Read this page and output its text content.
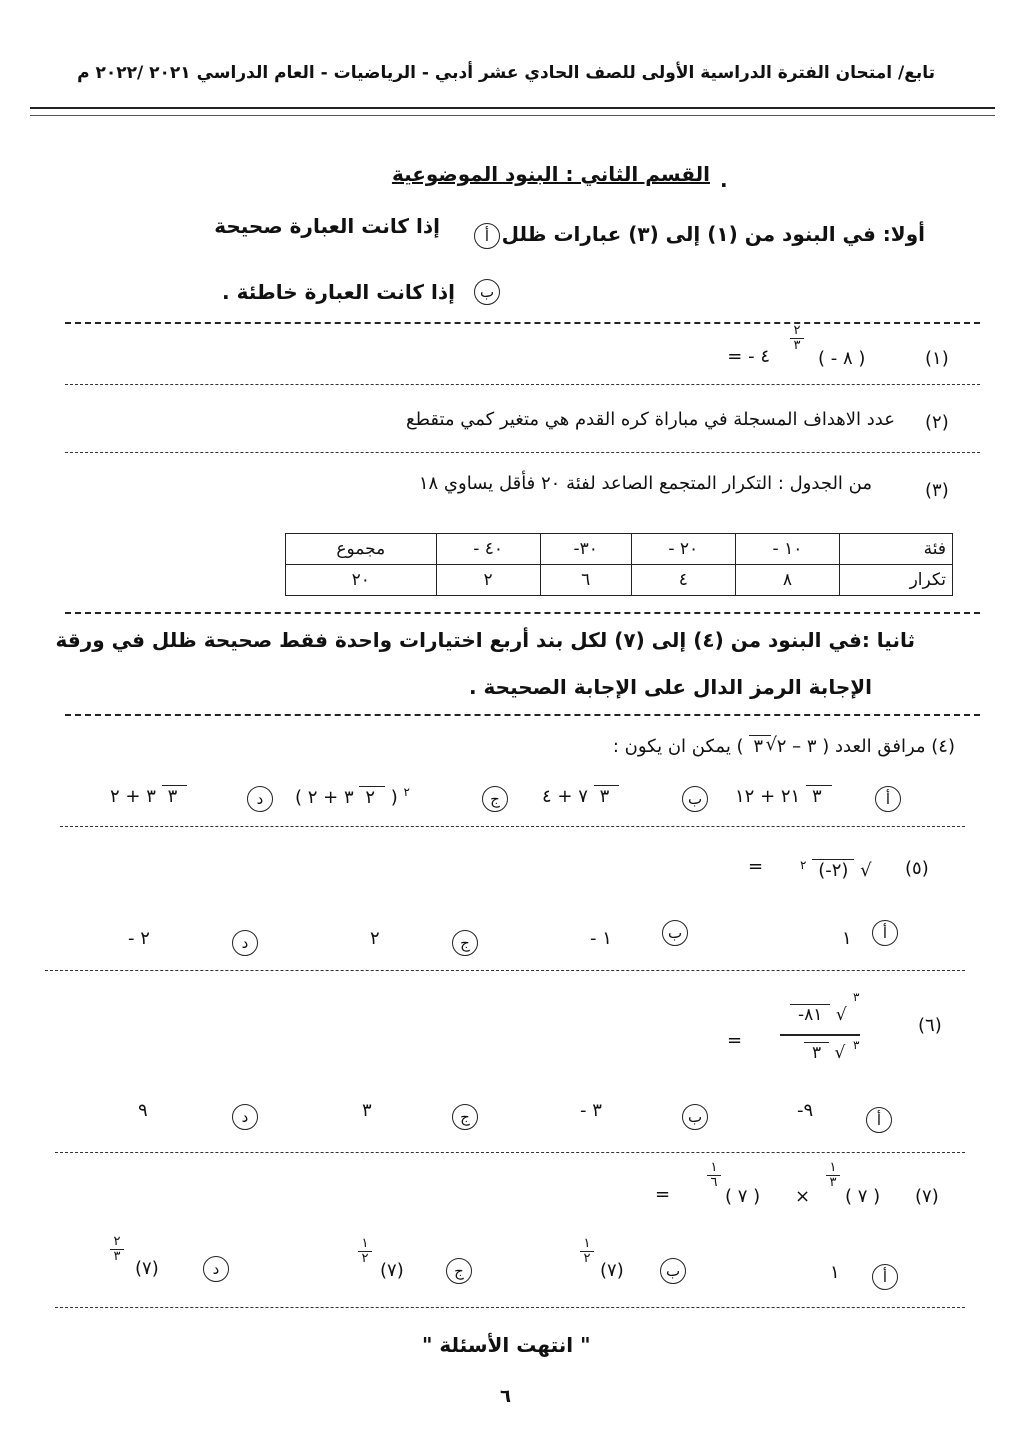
تابع/ امتحان الفترة الدراسية الأولى للصف الحادي عشر أدبي - الرياضيات - العام الدراسي ٢٠٢١ /٢٠٢٢ م
القسم الثاني : البنود الموضوعية .
أولا: في البنود من (١) إلى (٣) عبارات ظلل
أ
إذا كانت العبارة صحيحة
ب
إذا كانت العبارة خاطئة .
(١)
( - ٨ )
٢
٣
= - ٤
(٢)
عدد الاهداف المسجلة في مباراة كره القدم هي متغير كمي متقطع
(٣)
من الجدول : التكرار المتجمع الصاعد لفئة ٢٠ فأقل يساوي ١٨
فئة	١٠ -	٢٠ -	٣٠-	٤٠ -	مجموع
تكرار	٨	٤	٦	٢	٢٠
ثانيا :في البنود من (٤) إلى (٧) لكل بند أربع اختيارات واحدة فقط صحيحة ظلل في ورقة
الإجابة الرمز الدال على الإجابة الصحيحة .
(٤) مرافق العدد ( ٣ – ٢
√
٣ ) يمكن ان يكون :
أ
٢١ + ١٢ ٣
ب
٧ + ٤ ٣
ج
( ٣ + ٢ ٢ ) $^٢$
د
٣ + ٢ ٣
(٥)
$^٢$ (-٢) √
=
أ
١
ب
- ١
ج
٢
د
- ٢
(٦)
-٨١ √
٣
٣ √ ٣
=
أ
-٩
ب
- ٣
ج
٣
د
٩
(٧)
( ٧ )
١
٣
×
( ٧ )
١
٦
=
أ
١
ب
(٧)
١
٢
ج
(٧)
١
٢
د
(٧)
٢
٣
" انتهت الأسئلة "
٦
